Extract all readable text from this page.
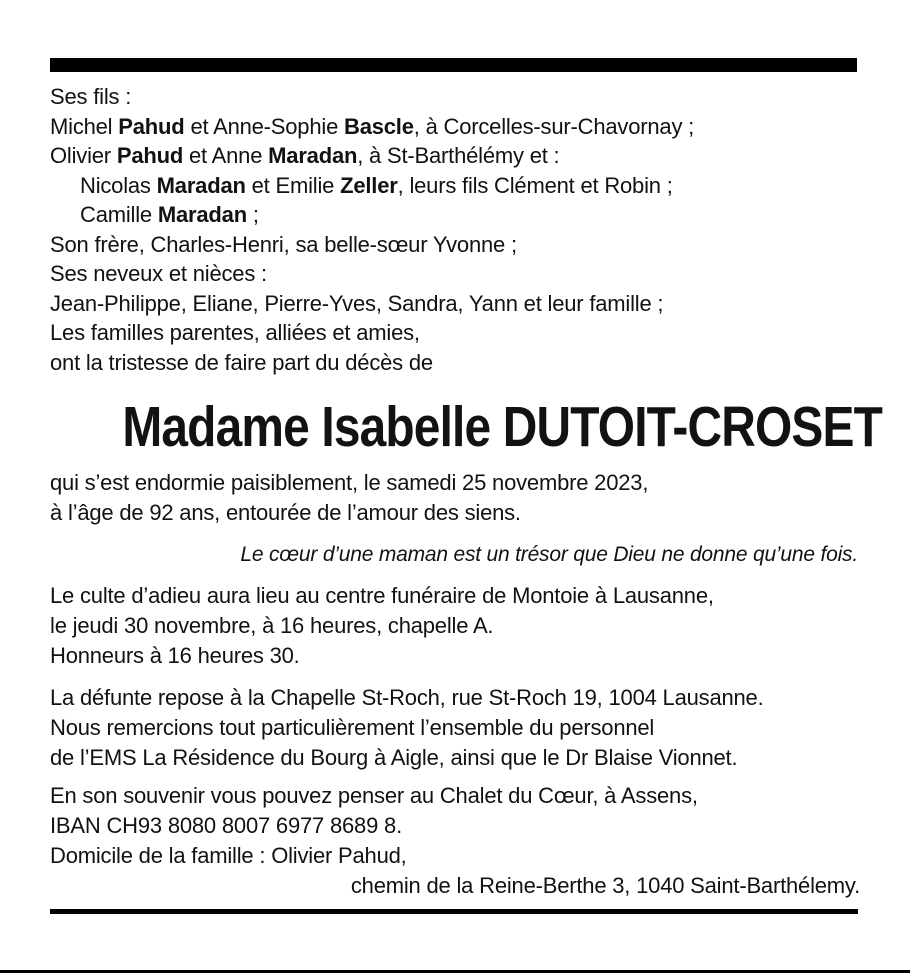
Ses fils :
Michel Pahud et Anne-Sophie Bascle, à Corcelles-sur-Chavornay ;
Olivier Pahud et Anne Maradan, à St-Barthélémy et :
Nicolas Maradan et Emilie Zeller, leurs fils Clément et Robin ;
Camille Maradan ;
Son frère, Charles-Henri, sa belle-sœur Yvonne ;
Ses neveux et nièces :
Jean-Philippe, Eliane, Pierre-Yves, Sandra, Yann et leur famille ;
Les familles parentes, alliées et amies,
ont la tristesse de faire part du décès de
Madame Isabelle DUTOIT-CROSET
qui s’est endormie paisiblement, le samedi 25 novembre 2023,
à l’âge de 92 ans, entourée de l’amour des siens.
Le cœur d’une maman est un trésor que Dieu ne donne qu’une fois.
Le culte d’adieu aura lieu au centre funéraire de Montoie à Lausanne,
le jeudi 30 novembre, à 16 heures, chapelle A.
Honneurs à 16 heures 30.
La défunte repose à la Chapelle St-Roch, rue St-Roch 19, 1004 Lausanne.
Nous remercions tout particulièrement l’ensemble du personnel
de l’EMS La Résidence du Bourg à Aigle, ainsi que le Dr Blaise Vionnet.
En son souvenir vous pouvez penser au Chalet du Cœur, à Assens,
IBAN CH93 8080 8007 6977 8689 8.
Domicile de la famille : Olivier Pahud,
chemin de la Reine-Berthe 3, 1040 Saint-Barthélemy.
